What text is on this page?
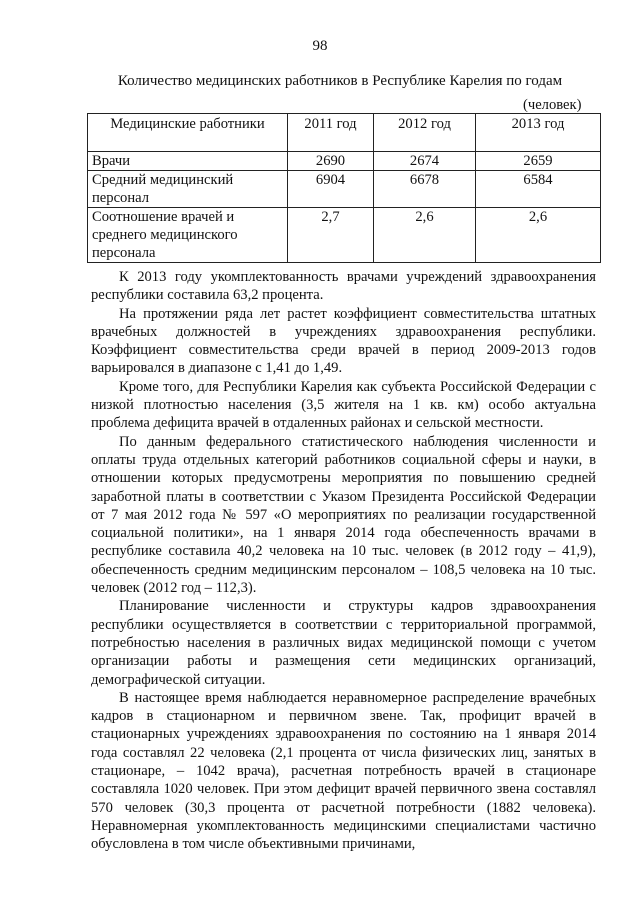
98
Количество медицинских работников в Республике Карелия по годам
(человек)
Медицинские работники	2011 год	2012 год	2013 год
Врачи	2690	2674	2659
Средний медицинский персонал	6904	6678	6584
Соотношение врачей и среднего медицинского персонала	2,7	2,6	2,6

К 2013 году укомплектованность врачами учреждений здравоохранения республики составила 63,2 процента.

На протяжении ряда лет растет коэффициент совместительства штатных врачебных должностей в учреждениях здравоохранения республики. Коэффициент совместительства среди врачей в период 2009-2013 годов варьировался в диапазоне с 1,41 до 1,49.

Кроме того, для Республики Карелия как субъекта Российской Федерации с низкой плотностью населения (3,5 жителя на 1 кв. км) особо актуальна проблема дефицита врачей в отдаленных районах и сельской местности.

По данным федерального статистического наблюдения численности и оплаты труда отдельных категорий работников социальной сферы и науки, в отношении которых предусмотрены мероприятия по повышению средней заработной платы в соответствии с Указом Президента Российской Федерации от 7 мая 2012 года № 597 «О мероприятиях по реализации государственной социальной политики», на 1 января 2014 года обеспеченность врачами в республике составила 40,2 человека на 10 тыс. человек (в 2012 году – 41,9), обеспеченность средним медицинским персоналом – 108,5 человека на 10 тыс. человек (2012 год – 112,3).

Планирование численности и структуры кадров здравоохранения республики осуществляется в соответствии с территориальной программой, потребностью населения в различных видах медицинской помощи с учетом организации работы и размещения сети медицинских организаций, демографической ситуации.

В настоящее время наблюдается неравномерное распределение врачебных кадров в стационарном и первичном звене. Так, профицит врачей в стационарных учреждениях здравоохранения по состоянию на 1 января 2014 года составлял 22 человека (2,1 процента от числа физических лиц, занятых в стационаре, – 1042 врача), расчетная потребность врачей в стационаре составляла 1020 человек. При этом дефицит врачей первичного звена составлял 570 человек (30,3 процента от расчетной потребности (1882 человека). Неравномерная укомплектованность медицинскими специалистами частично обусловлена в том числе объективными причинами,
